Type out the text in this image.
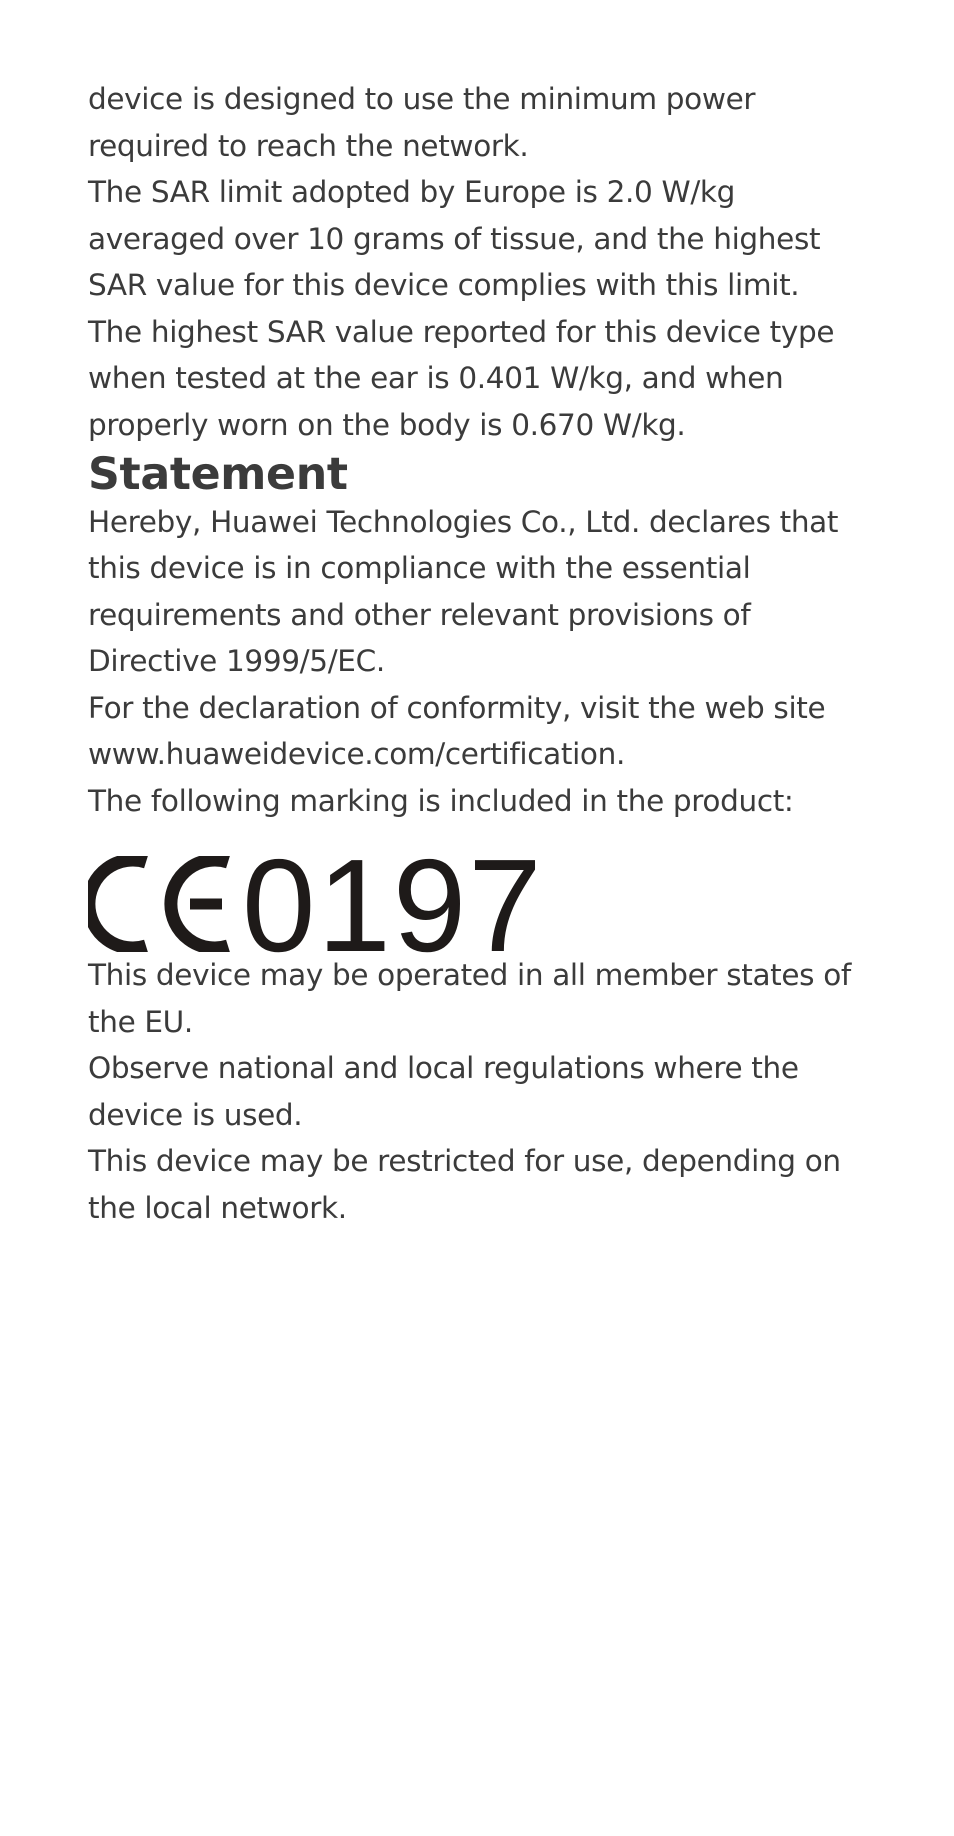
device is designed to use the minimum power required to reach the network.

The SAR limit adopted by Europe is 2.0 W/kg averaged over 10 grams of tissue, and the highest SAR value for this device complies with this limit.

The highest SAR value reported for this device type when tested at the ear is 0.401 W/kg, and when properly worn on the body is 0.670 W/kg.

Statement

Hereby, Huawei Technologies Co., Ltd. declares that this device is in compliance with the essential requirements and other relevant provisions of Directive 1999/5/EC.

For the declaration of conformity, visit the web site www.huaweidevice.com/certification.

The following marking is included in the product:

0197

This device may be operated in all member states of the EU.

Observe national and local regulations where the device is used.

This device may be restricted for use, depending on the local network.
